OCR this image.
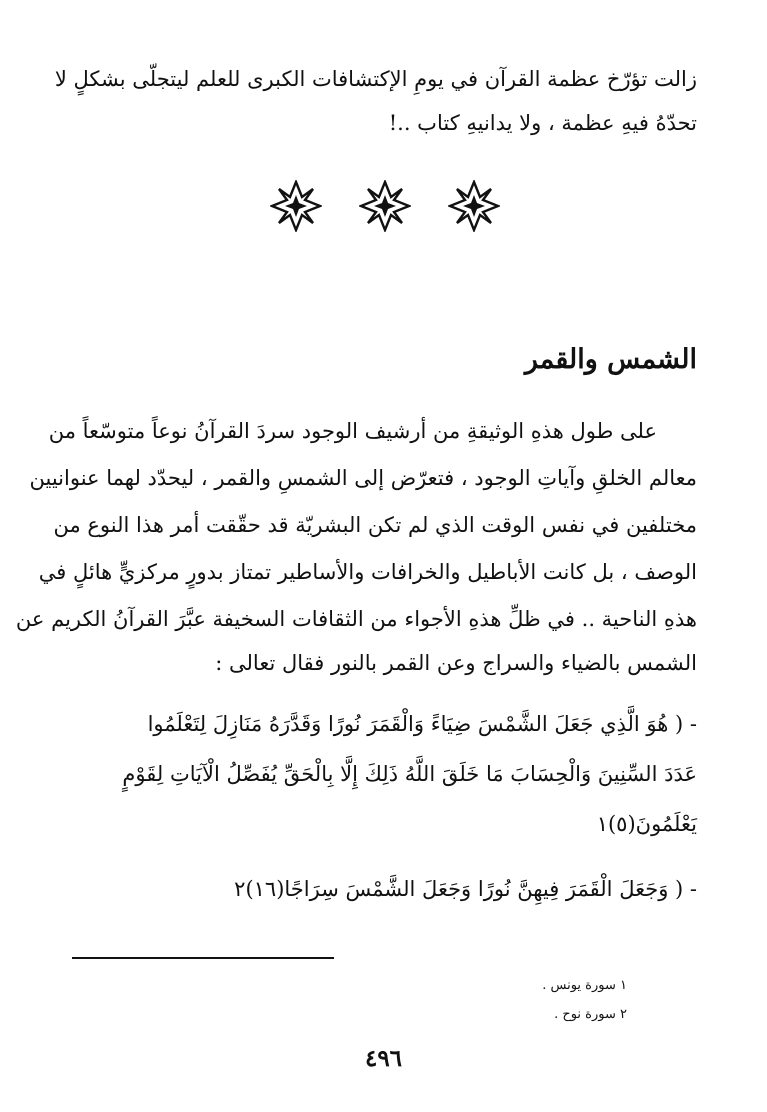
زالت تؤرّخ عظمة القرآن في يومِ الإكتشافات الكبرى للعلم ليتجلّى بشكلٍ لا
تحدّهُ فيهِ عظمة ، ولا يدانيهِ كتاب ..!
الشمس والقمر
على طول هذهِ الوثيقةِ من أرشيف الوجود سردَ القرآنُ نوعاً متوسّعاً من
معالم الخلقِ وآياتِ الوجود ، فتعرّض إلى الشمسِ والقمر ، ليحدّد لهما عنوانيين
مختلفين في نفس الوقت الذي لم تكن البشريّة قد حقّقت أمر هذا النوع من
الوصف ، بل كانت الأباطيل والخرافات والأساطير تمتاز بدورٍ مركزيٍّ هائلٍ في
هذهِ الناحية .. في ظلِّ هذهِ الأجواء من الثقافات السخيفة عبَّرَ القرآنُ الكريم عن
الشمس بالضياء والسراج وعن القمر بالنور فقال تعالى :
- ( هُوَ الَّذِي جَعَلَ الشَّمْسَ ضِيَاءً وَالْقَمَرَ نُورًا وَقَدَّرَهُ مَنَازِلَ لِتَعْلَمُوا
عَدَدَ السِّنِينَ وَالْحِسَابَ مَا خَلَقَ اللَّهُ ذَلِكَ إِلَّا بِالْحَقِّ يُفَصِّلُ الْآيَاتِ لِقَوْمٍ
يَعْلَمُونَ(٥)١
- ( وَجَعَلَ الْقَمَرَ فِيهِنَّ نُورًا وَجَعَلَ الشَّمْسَ سِرَاجًا(١٦)٢
١ سورة يونس .
٢ سورة نوح .
٤٩٦
